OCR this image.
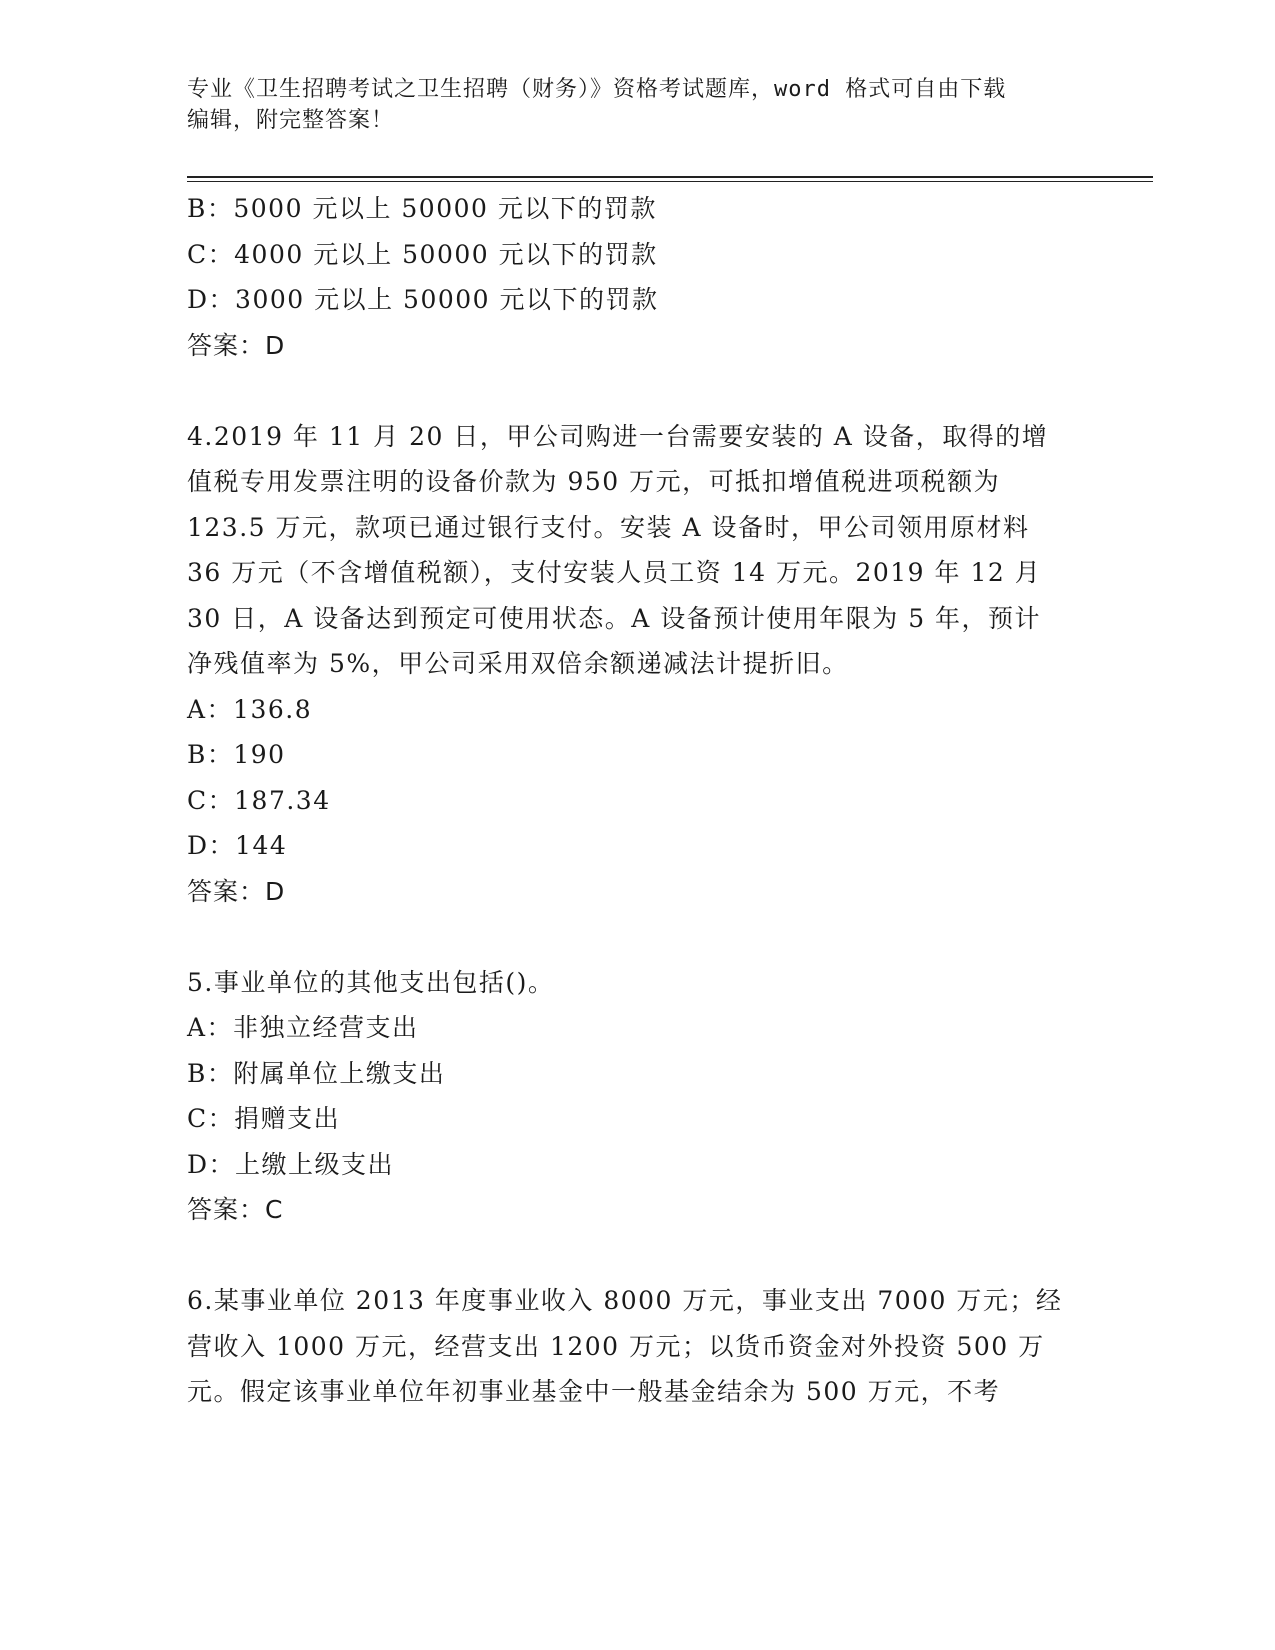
专业《卫生招聘考试之卫生招聘（财务）》资格考试题库，word 格式可自由下载
编辑，附完整答案！
B：5000 元以上 50000 元以下的罚款
C：4000 元以上 50000 元以下的罚款
D：3000 元以上 50000 元以下的罚款
答案：D
4.2019 年 11 月 20 日，甲公司购进一台需要安装的 A 设备，取得的增
值税专用发票注明的设备价款为 950 万元，可抵扣增值税进项税额为
123.5 万元，款项已通过银行支付。安装 A 设备时，甲公司领用原材料
36 万元（不含增值税额），支付安装人员工资 14 万元。2019 年 12 月
30 日，A 设备达到预定可使用状态。A 设备预计使用年限为 5 年，预计
净残值率为 5%，甲公司采用双倍余额递减法计提折旧。
A：136.8
B：190
C：187.34
D：144
答案：D
5.事业单位的其他支出包括()。
A：非独立经营支出
B：附属单位上缴支出
C：捐赠支出
D：上缴上级支出
答案：C
6.某事业单位 2013 年度事业收入 8000 万元，事业支出 7000 万元；经
营收入 1000 万元，经营支出 1200 万元；以货币资金对外投资 500 万
元。假定该事业单位年初事业基金中一般基金结余为 500 万元，不考
